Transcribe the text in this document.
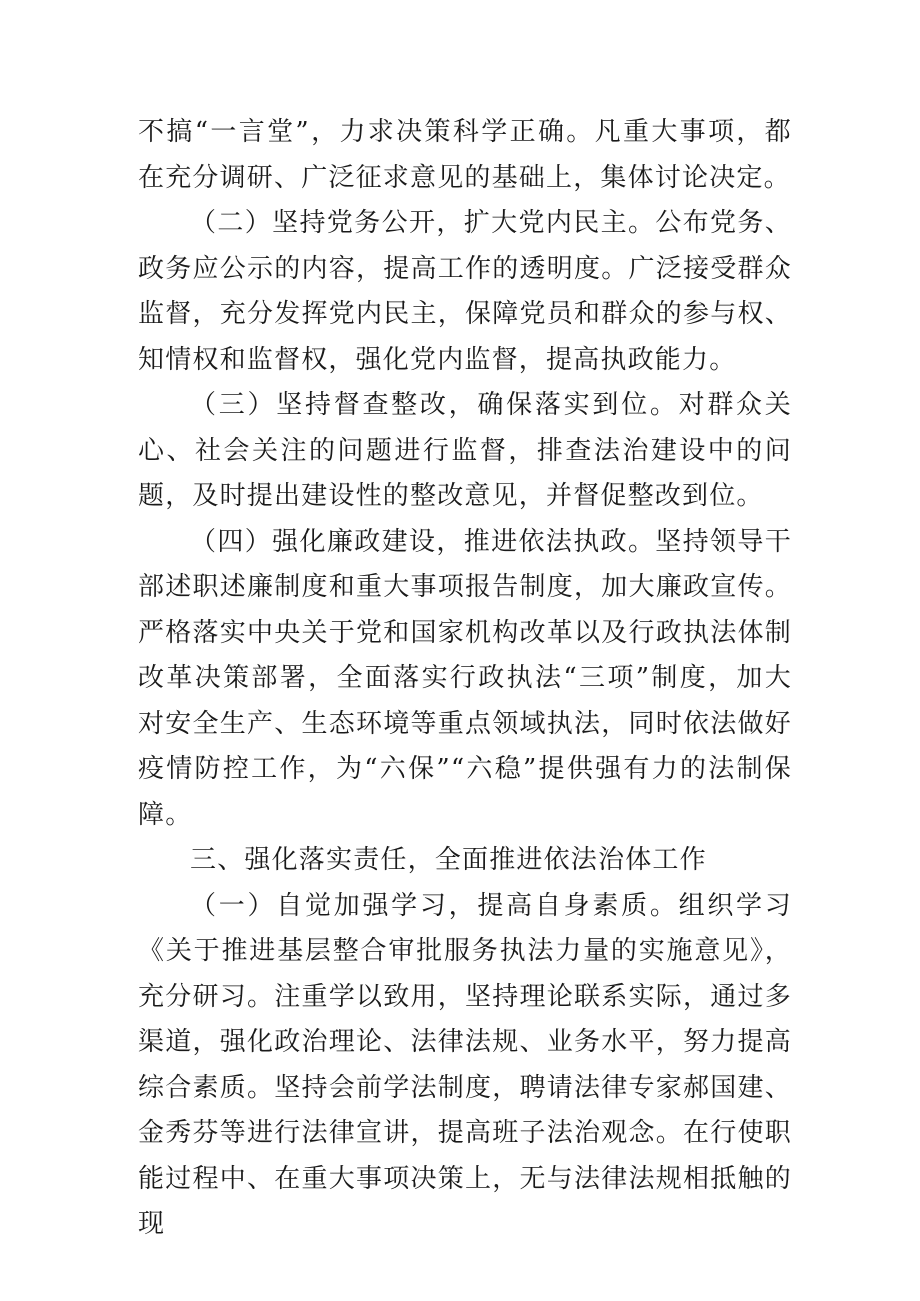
不搞“一言堂”，力求决策科学正确。凡重大事项，都在充分调研、广泛征求意见的基础上，集体讨论决定。

（二）坚持党务公开，扩大党内民主。公布党务、政务应公示的内容，提高工作的透明度。广泛接受群众监督，充分发挥党内民主，保障党员和群众的参与权、知情权和监督权，强化党内监督，提高执政能力。

（三）坚持督查整改，确保落实到位。对群众关心、社会关注的问题进行监督，排查法治建设中的问题，及时提出建设性的整改意见，并督促整改到位。

（四）强化廉政建设，推进依法执政。坚持领导干部述职述廉制度和重大事项报告制度，加大廉政宣传。严格落实中央关于党和国家机构改革以及行政执法体制改革决策部署，全面落实行政执法“三项”制度，加大对安全生产、生态环境等重点领域执法，同时依法做好疫情防控工作，为“六保”“六稳”提供强有力的法制保障。

三、强化落实责任，全面推进依法治体工作

（一）自觉加强学习，提高自身素质。组织学习《关于推进基层整合审批服务执法力量的实施意见》，充分研习。注重学以致用，坚持理论联系实际，通过多渠道，强化政治理论、法律法规、业务水平，努力提高综合素质。坚持会前学法制度，聘请法律专家郝国建、金秀芬等进行法律宣讲，提高班子法治观念。在行使职能过程中、在重大事项决策上，无与法律法规相抵触的现
